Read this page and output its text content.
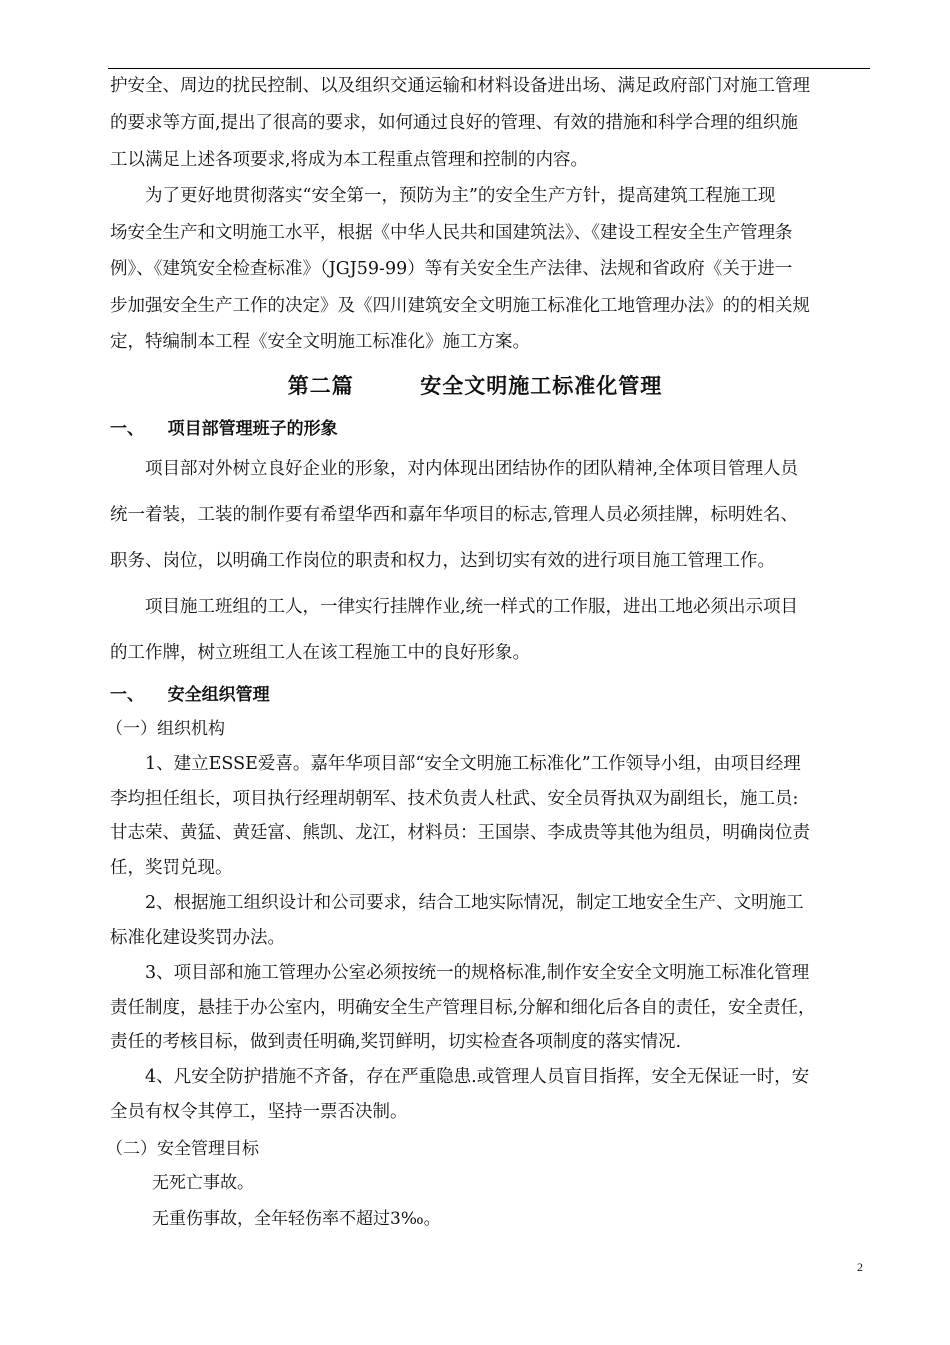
护安全、周边的扰民控制、以及组织交通运输和材料设备进出场、满足政府部门对施工管理
的要求等方面,提出了很高的要求，如何通过良好的管理、有效的措施和科学合理的组织施
工以满足上述各项要求,将成为本工程重点管理和控制的内容。
为了更好地贯彻落实“安全第一，预防为主”的安全生产方针，提高建筑工程施工现
场安全生产和文明施工水平，根据《中华人民共和国建筑法》、《建设工程安全生产管理条
例》、《建筑安全检查标准》（JGJ59-99）等有关安全生产法律、法规和省政府《关于进一
步加强安全生产工作的决定》及《四川建筑安全文明施工标准化工地管理办法》的的相关规
定，特编制本工程《安全文明施工标准化》施工方案。
第二篇        安全文明施工标准化管理
一、    项目部管理班子的形象
项目部对外树立良好企业的形象，对内体现出团结协作的团队精神,全体项目管理人员
统一着装，工装的制作要有希望华西和嘉年华项目的标志,管理人员必须挂牌，标明姓名、
职务、岗位，以明确工作岗位的职责和权力，达到切实有效的进行项目施工管理工作。
项目施工班组的工人，一律实行挂牌作业,统一样式的工作服，进出工地必须出示项目
的工作牌，树立班组工人在该工程施工中的良好形象。
一、    安全组织管理
（一）组织机构
1、建立ESSE爱喜。嘉年华项目部“安全文明施工标准化”工作领导小组，由项目经理
李均担任组长，项目执行经理胡朝军、技术负责人杜武、安全员胥执双为副组长，施工员:
甘志荣、黄猛、黄廷富、熊凯、龙江，材料员：王国崇、李成贵等其他为组员，明确岗位责
任，奖罚兑现。
2、根据施工组织设计和公司要求，结合工地实际情况，制定工地安全生产、文明施工
标准化建设奖罚办法。
3、项目部和施工管理办公室必须按统一的规格标准,制作安全安全文明施工标准化管理
责任制度，悬挂于办公室内，明确安全生产管理目标,分解和细化后各自的责任，安全责任，
责任的考核目标，做到责任明确,奖罚鲜明，切实检查各项制度的落实情况.
4、凡安全防护措施不齐备，存在严重隐患.或管理人员盲目指挥，安全无保证一时，安
全员有权令其停工，坚持一票否决制。
（二）安全管理目标
无死亡事故。
无重伤事故，全年轻伤率不超过3‰。
2
